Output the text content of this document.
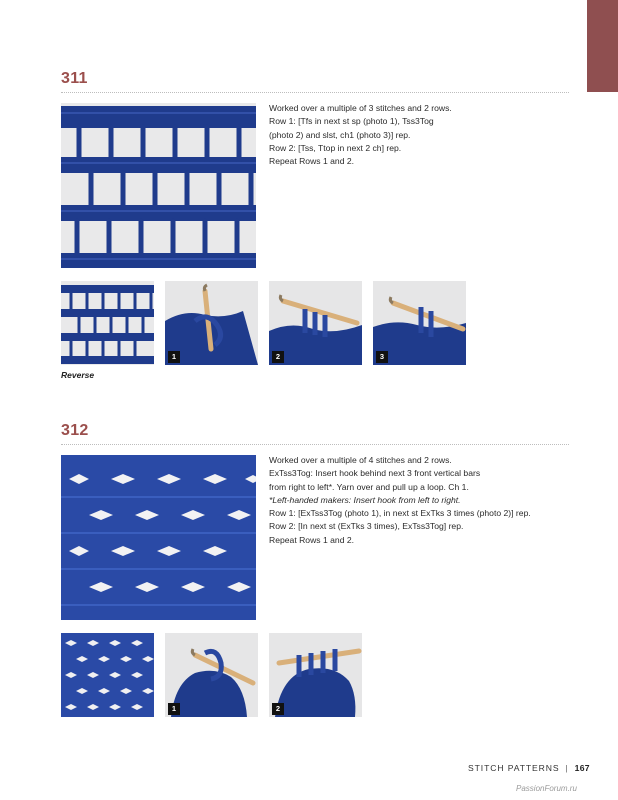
311

Worked over a multiple of 3 stitches and 2 rows.

Row 1: [Tfs in next st sp (photo 1), Tss3Tog

(photo 2) and slst, ch1 (photo 3)] rep.

Row 2: [Tss, Ttop in next 2 ch] rep.

Repeat Rows 1 and 2.

Reverse
1	2	3
312

Worked over a multiple of 4 stitches and 2 rows.

ExTss3Tog: Insert hook behind next 3 front vertical bars

from right to left*. Yarn over and pull up a loop. Ch 1.

*Left-handed makers: Insert hook from left to right.

Row 1: [ExTss3Tog (photo 1), in next st ExTks 3 times (photo 2)] rep.

Row 2: [In next st (ExTks 3 times), ExTss3Tog] rep.

Repeat Rows 1 and 2.

1	2
STITCH PATTERNS | 167
PassionForum.ru
